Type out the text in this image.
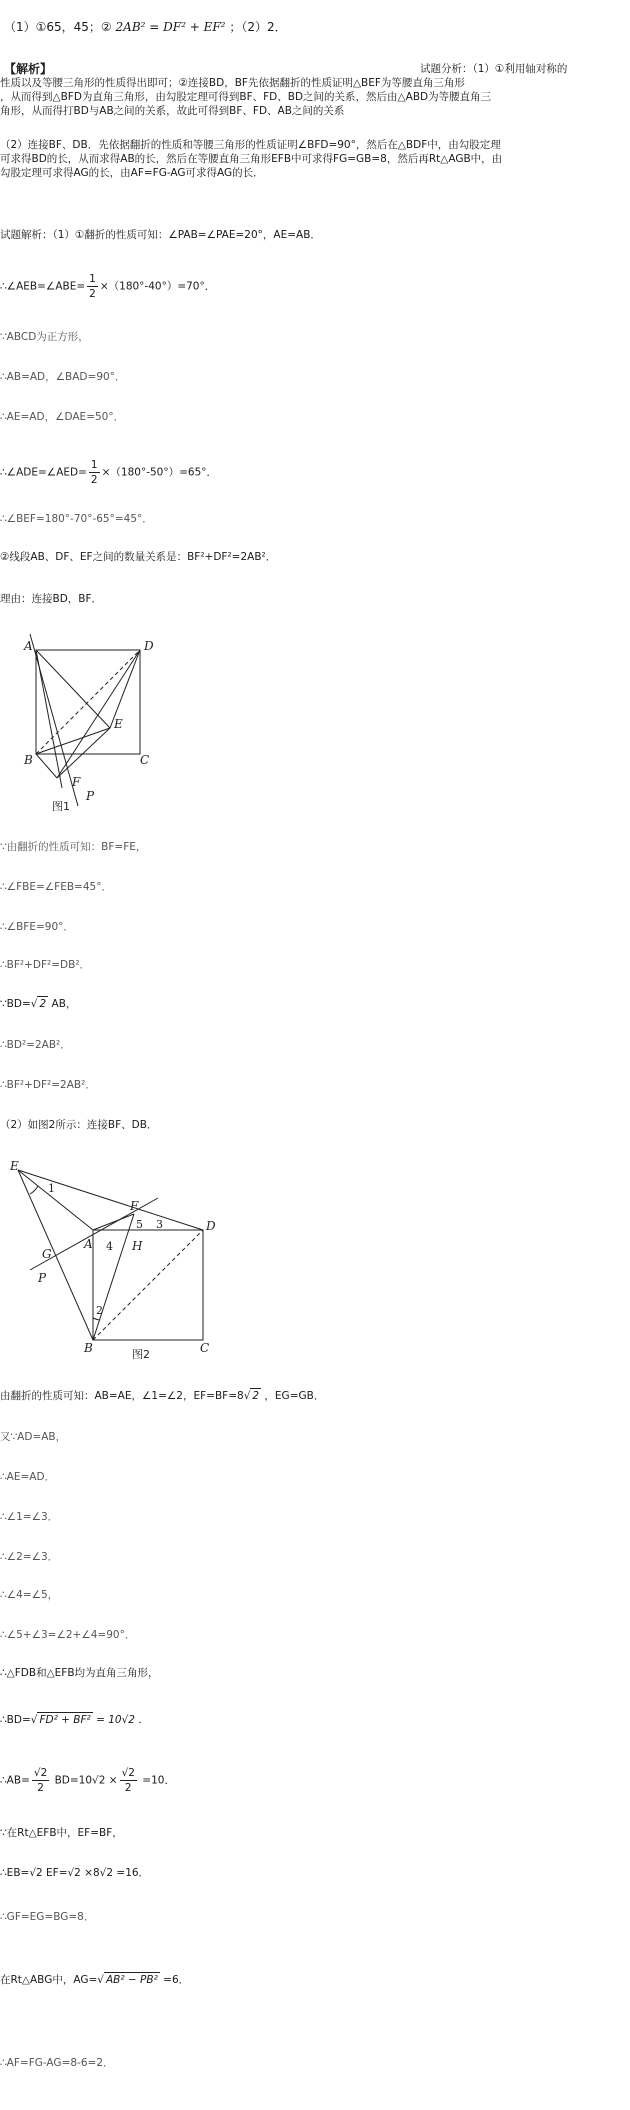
（1）①65，45；② 2AB² = DF² + EF² ；（2）2．
【解析】	试题分析：（1）①利用轴对称的
性质以及等腰三角形的性质得出即可；②连接BD，BF先依据翻折的性质证明△BEF为等腰直角三角形
，从而得到△BFD为直角三角形，由勾股定理可得到BF、FD、BD之间的关系，然后由△ABD为等腰直角三
角形，从而得打BD与AB之间的关系，故此可得到BF、FD、AB之间的关系
（2）连接BF、DB．先依据翻折的性质和等腰三角形的性质证明∠BFD=90°，然后在△BDF中，由勾股定理
可求得BD的长，从而求得AB的长，然后在等腰直角三角形EFB中可求得FG=GB=8，然后再Rt△AGB中，由
勾股定理可求得AG的长，由AF=FG-AG可求得AG的长．
试题解析：（1）①翻折的性质可知：∠PAB=∠PAE=20°，AE=AB．
∴∠AEB=∠ABE= $\frac{1}{2} \times(180^\circ-40^\circ)=70^\circ$．
∵ABCD为正方形，
∴AB=AD，∠BAD=90°．
∴AE=AD，∠DAE=50°．
∴∠ADE=∠AED= $\frac{1}{2} \times(180^\circ-50^\circ)=65^\circ$．
∴∠BEF=180°-70°-65°=45°．
②线段AB、DF、EF之间的数量关系是：BF²+DF²=2AB²．
理由：连接BD，BF．
A	D
E
B	C
F
P
图1
∵由翻折的性质可知：BF=FE，
∴∠FBE=∠FEB=45°．
∴∠BFE=90°．
∴BF²+DF²=DB²．
∵BD=√ 2 AB，
∴BD²=2AB²．
∴BF²+DF²=2AB²．
（2）如图2所示：连接BF、DB．
E
1
F
5 3	D
G
A 4 H
P
2
B	C
图2
由翻折的性质可知：AB=AE，∠1=∠2，EF=BF=8√ 2 ，EG=GB．
又∵AD=AB，
∴AE=AD．
∴∠1=∠3．
∴∠2=∠3．
∴∠4=∠5，
∴∠5+∠3=∠2+∠4=90°．
∴△FDB和△EFB均为直角三角形，
∴BD=√ FD² + BF² = 10√2 ．
∴AB= $\frac{√2}{2} BD=10√2 \times \frac{√2}{2} =10$．
∵在Rt△EFB中，EF=BF，
∴EB=√2 EF=√2 ×8√2 =16．
∴GF=EG=BG=8．
在Rt△ABG中，AG=√ AB² − PB² =6．
∴AF=FG-AG=8-6=2．
